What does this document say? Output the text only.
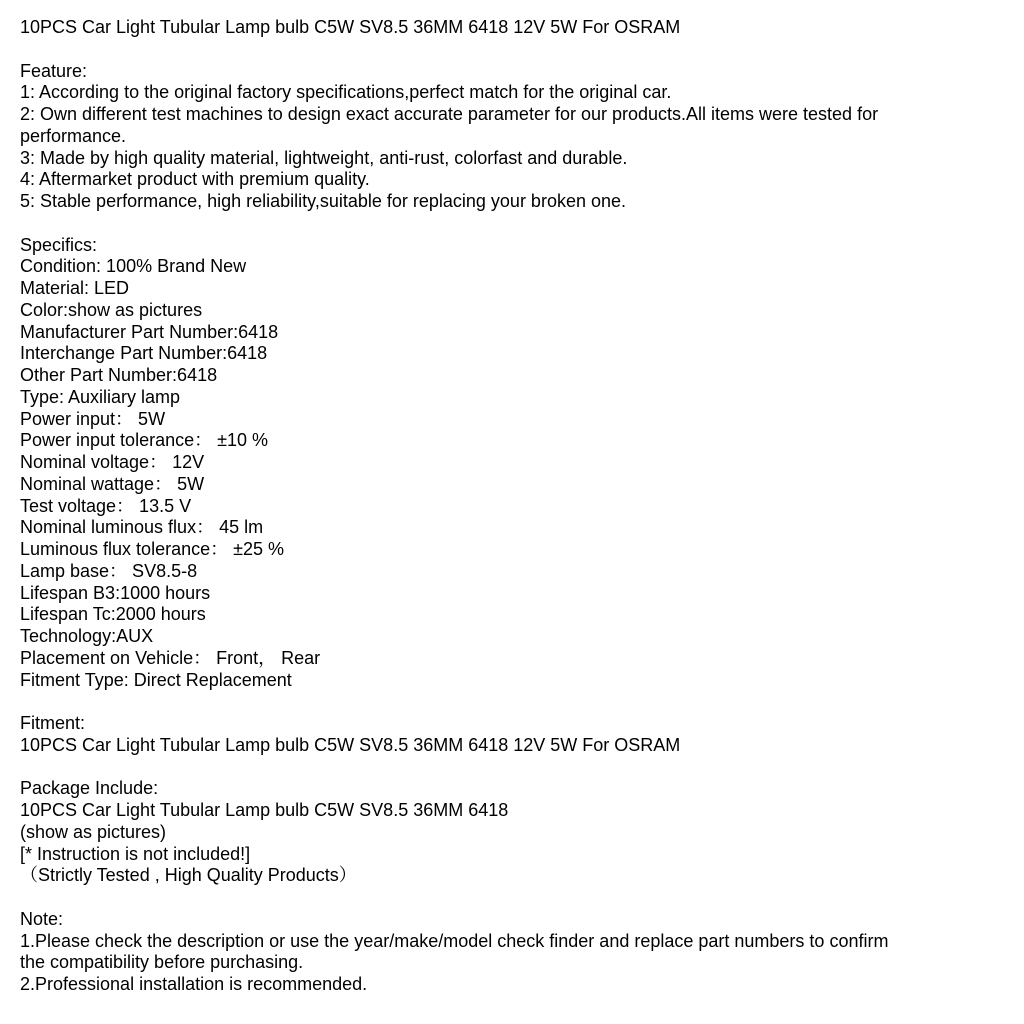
10PCS Car Light Tubular Lamp bulb C5W SV8.5 36MM 6418 12V 5W For OSRAM
Feature:
1: According to the original factory specifications,perfect match for the original car.
2: Own different test machines to design exact accurate parameter for our products.All items were tested for
performance.
3: Made by high quality material, lightweight, anti-rust, colorfast and durable.
4: Aftermarket product with premium quality.
5: Stable performance, high reliability,suitable for replacing your broken one.
Specifics:
Condition: 100% Brand New
Material: LED
Color:show as pictures
Manufacturer Part Number:6418
Interchange Part Number:6418
Other Part Number:6418
Type: Auxiliary lamp
Power input： 5W
Power input tolerance： ±10 %
Nominal voltage： 12V
Nominal wattage： 5W
Test voltage： 13.5 V
Nominal luminous flux： 45 lm
Luminous flux tolerance： ±25 %
Lamp base： SV8.5-8
Lifespan B3:1000 hours
Lifespan Tc:2000 hours
Technology:AUX
Placement on Vehicle： Front， Rear
Fitment Type: Direct Replacement
Fitment:
10PCS Car Light Tubular Lamp bulb C5W SV8.5 36MM 6418 12V 5W For OSRAM
Package Include:
10PCS Car Light Tubular Lamp bulb C5W SV8.5 36MM 6418
(show as pictures)
[* Instruction is not included!]
（Strictly Tested , High Quality Products）
Note:
1.Please check the description or use the year/make/model check finder and replace part numbers to confirm
the compatibility before purchasing.
2.Professional installation is recommended.
